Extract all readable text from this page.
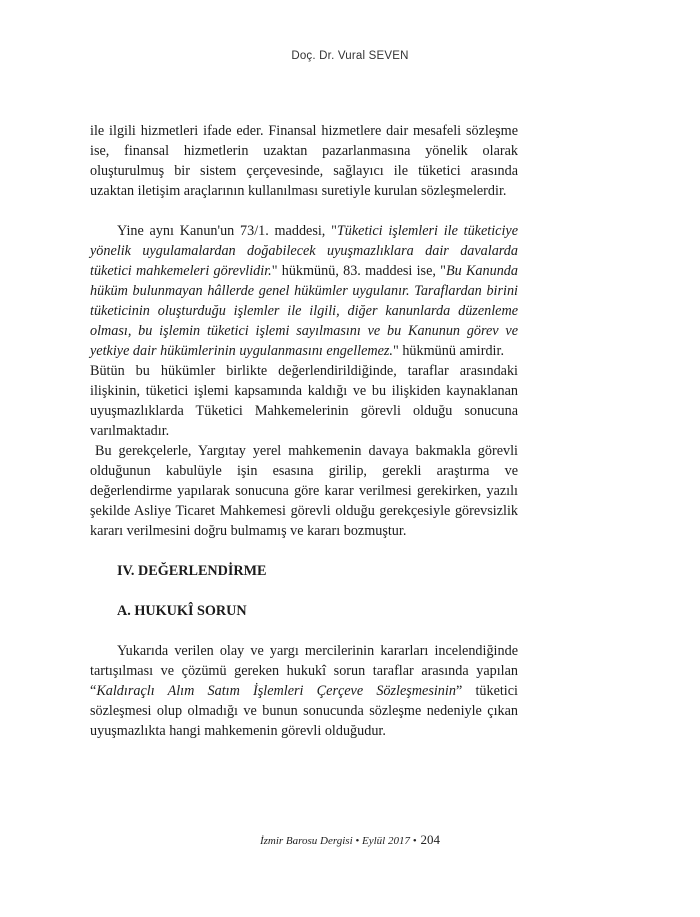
Doç. Dr. Vural SEVEN

ile ilgili hizmetleri ifade eder. Finansal hizmetlere dair mesafeli sözleşme ise, finansal hizmetlerin uzaktan pazarlanmasına yönelik olarak oluşturulmuş bir sistem çerçevesinde, sağlayıcı ile tüketici arasında uzaktan iletişim araçlarının kullanılması suretiyle kurulan sözleşmelerdir.

Yine aynı Kanun'un 73/1. maddesi, "Tüketici işlemleri ile tüketiciye yönelik uygulamalardan doğabilecek uyuşmazlıklara dair davalarda tüketici mahkemeleri görevlidir." hükmünü, 83. maddesi ise, "Bu Kanunda hüküm bulunmayan hâllerde genel hükümler uygulanır. Taraflardan birini tüketicinin oluşturduğu işlemler ile ilgili, diğer kanunlarda düzenleme olması, bu işlemin tüketici işlemi sayılmasını ve bu Kanunun görev ve yetkiye dair hükümlerinin uygulanmasını engellemez." hükmünü amirdir.

Bütün bu hükümler birlikte değerlendirildiğinde, taraflar arasındaki ilişkinin, tüketici işlemi kapsamında kaldığı ve bu ilişkiden kaynaklanan uyuşmazlıklarda Tüketici Mahkemelerinin görevli olduğu sonucuna varılmaktadır.

Bu gerekçelerle, Yargıtay yerel mahkemenin davaya bakmakla görevli olduğunun kabulüyle işin esasına girilip, gerekli araştırma ve değerlendirme yapılarak sonucuna göre karar verilmesi gerekirken, yazılı şekilde Asliye Ticaret Mahkemesi görevli olduğu gerekçesiyle görevsizlik kararı verilmesini doğru bulmamış ve kararı bozmuştur.

IV. DEĞERLENDİRME

A. HUKUKÎ SORUN

Yukarıda verilen olay ve yargı mercilerinin kararları incelendiğinde tartışılması ve çözümü gereken hukukî sorun taraflar arasında yapılan “Kaldıraçlı Alım Satım İşlemleri Çerçeve Sözleşmesinin” tüketici sözleşmesi olup olmadığı ve bunun sonucunda sözleşme nedeniyle çıkan uyuşmazlıkta hangi mahkemenin görevli olduğudur.

İzmir Barosu Dergisi • Eylül 2017 • 204
